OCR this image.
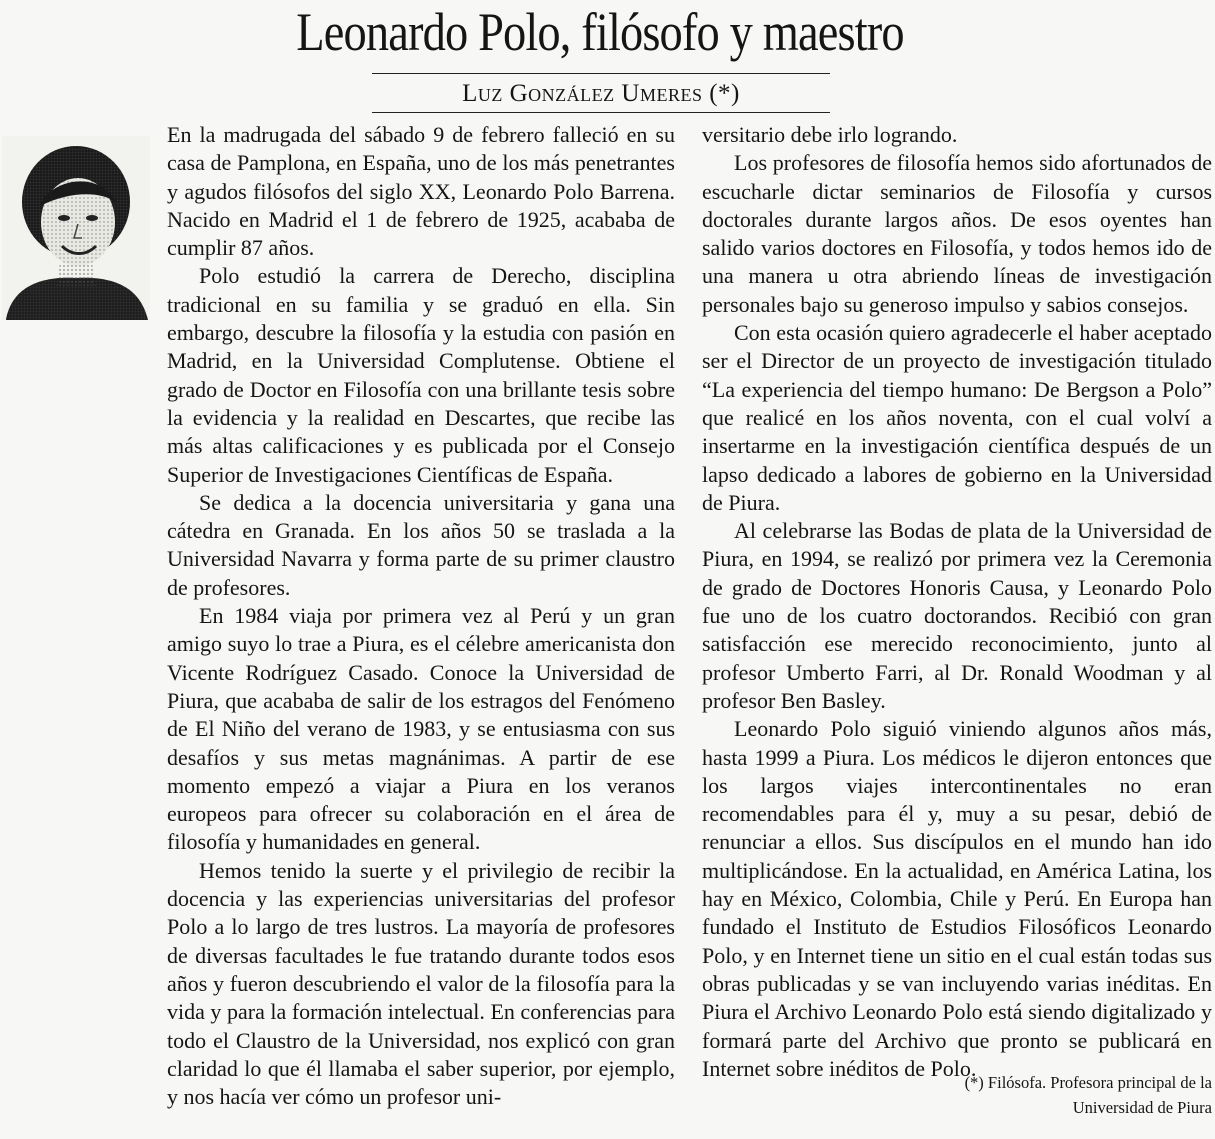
Leonardo Polo, filósofo y maestro
Luz González Umeres (*)

En la madrugada del sábado 9 de febrero falleció en su casa de Pamplona, en España, uno de los más penetrantes y agudos filósofos del siglo XX, Leonardo Polo Barrena. Nacido en Madrid el 1 de febrero de 1925, acababa de cumplir 87 años.

Polo estudió la carrera de Derecho, disciplina tradicional en su familia y se graduó en ella. Sin embargo, descubre la filosofía y la estudia con pasión en Madrid, en la Universidad Complutense. Obtiene el grado de Doctor en Filosofía con una brillante tesis sobre la evidencia y la realidad en Descartes, que recibe las más altas calificaciones y es publicada por el Consejo Superior de Investigaciones Científicas de España.

Se dedica a la docencia universitaria y gana una cátedra en Granada. En los años 50 se traslada a la Universidad Navarra y forma parte de su primer claustro de profesores.

En 1984 viaja por primera vez al Perú y un gran amigo suyo lo trae a Piura, es el célebre americanista don Vicente Rodríguez Casado. Conoce la Universidad de Piura, que acababa de salir de los estragos del Fenómeno de El Niño del verano de 1983, y se entusiasma con sus desafíos y sus metas magnánimas. A partir de ese momento empezó a viajar a Piura en los veranos europeos para ofrecer su colaboración en el área de filosofía y humanidades en general.

Hemos tenido la suerte y el privilegio de recibir la docencia y las experiencias universitarias del profesor Polo a lo largo de tres lustros. La mayoría de profesores de diversas facultades le fue tratando durante todos esos años y fueron descubriendo el valor de la filosofía para la vida y para la formación intelectual. En conferencias para todo el Claustro de la Universidad, nos explicó con gran claridad lo que él llamaba el saber superior, por ejemplo, y nos hacía ver cómo un profesor uni-

versitario debe irlo logrando.

Los profesores de filosofía hemos sido afortunados de escucharle dictar seminarios de Filosofía y cursos doctorales durante largos años. De esos oyentes han salido varios doctores en Filosofía, y todos hemos ido de una manera u otra abriendo líneas de investigación personales bajo su generoso impulso y sabios consejos.

Con esta ocasión quiero agradecerle el haber aceptado ser el Director de un proyecto de investigación titulado “La experiencia del tiempo humano: De Bergson a Polo” que realicé en los años noventa, con el cual volví a insertarme en la investigación científica después de un lapso dedicado a labores de gobierno en la Universidad de Piura.

Al celebrarse las Bodas de plata de la Universidad de Piura, en 1994, se realizó por primera vez la Ceremonia de grado de Doctores Honoris Causa, y Leonardo Polo fue uno de los cuatro doctorandos. Recibió con gran satisfacción ese merecido reconocimiento, junto al profesor Umberto Farri, al Dr. Ronald Woodman y al profesor Ben Basley.

Leonardo Polo siguió viniendo algunos años más, hasta 1999 a Piura. Los médicos le dijeron entonces que los largos viajes intercontinentales no eran recomendables para él y, muy a su pesar, debió de renunciar a ellos. Sus discípulos en el mundo han ido multiplicándose. En la actualidad, en América Latina, los hay en México, Colombia, Chile y Perú. En Europa han fundado el Instituto de Estudios Filosóficos Leonardo Polo, y en Internet tiene un sitio en el cual están todas sus obras publicadas y se van incluyendo varias inéditas. En Piura el Archivo Leonardo Polo está siendo digitalizado y formará parte del Archivo que pronto se publicará en Internet sobre inéditos de Polo.

(*) Filósofa. Profesora principal de la
Universidad de Piura
